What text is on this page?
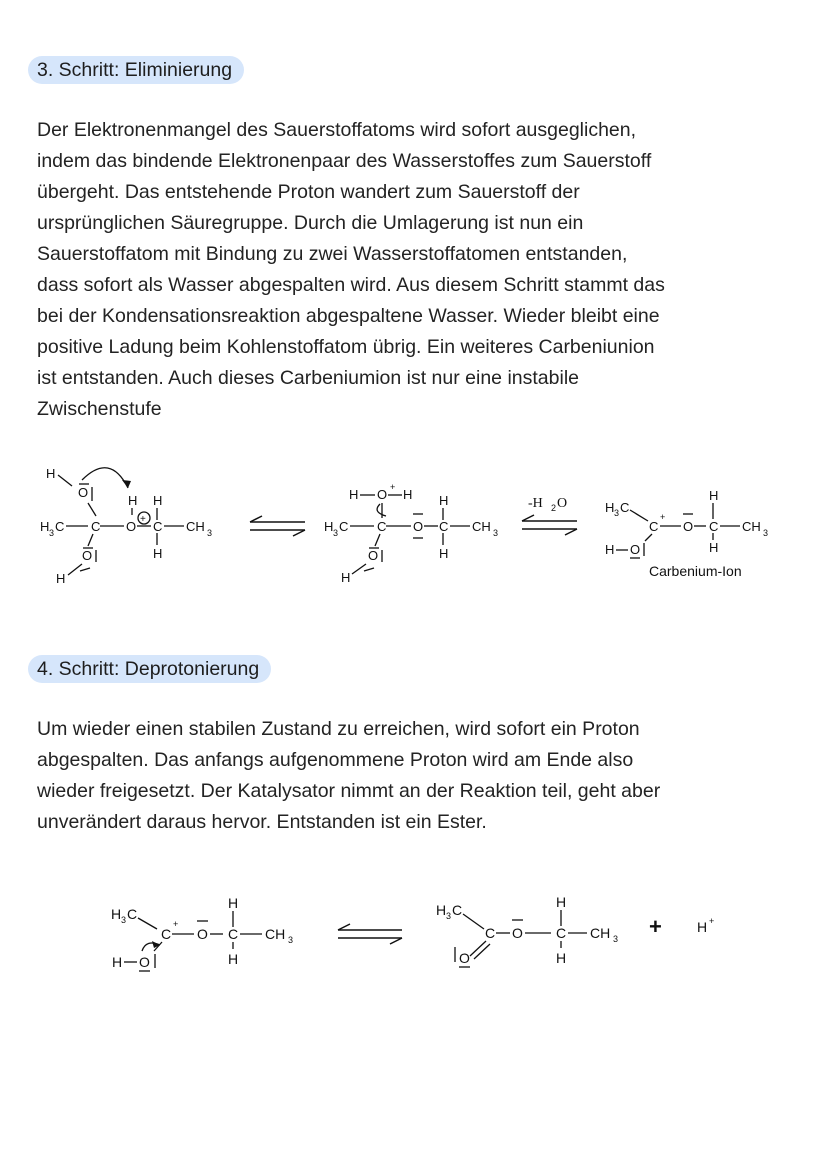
3. Schritt: Eliminierung
Der Elektronenmangel des Sauerstoffatoms wird sofort ausgeglichen,
indem das bindende Elektronenpaar des Wasserstoffes zum Sauerstoff
übergeht. Das entstehende Proton wandert zum Sauerstoff der
ursprünglichen Säuregruppe. Durch die Umlagerung ist nun ein
Sauerstoffatom mit Bindung zu zwei Wasserstoffatomen entstanden,
dass sofort als Wasser abgespalten wird. Aus diesem Schritt stammt das
bei der Kondensationsreaktion abgespaltene Wasser. Wieder bleibt eine
positive Ladung beim Kohlenstoffatom übrig. Ein weiteres Carbeniunion
ist entstanden. Auch dieses Carbeniumion ist nur eine instabile
Zwischenstufe
H
O
H 3 C C O +
H H
C
H
CH 3
O
H
H O + H
H 3 C C O
H
C
H
CH 3
O
H
-H 2 O	H 3 C
+
C O
H
C
H
CH 3
H O
Carbenium-Ion
4. Schritt: Deprotonierung
Um wieder einen stabilen Zustand zu erreichen, wird sofort ein Proton
abgespalten. Das anfangs aufgenommene Proton wird am Ende also
wieder freigesetzt. Der Katalysator nimmt an der Reaktion teil, geht aber
unverändert daraus hervor. Entstanden ist ein Ester.
H 3 C
+
C O
H
C
H
CH 3
H O
H 3 C
C O
H
C
H
CH 3
O
+	H +
